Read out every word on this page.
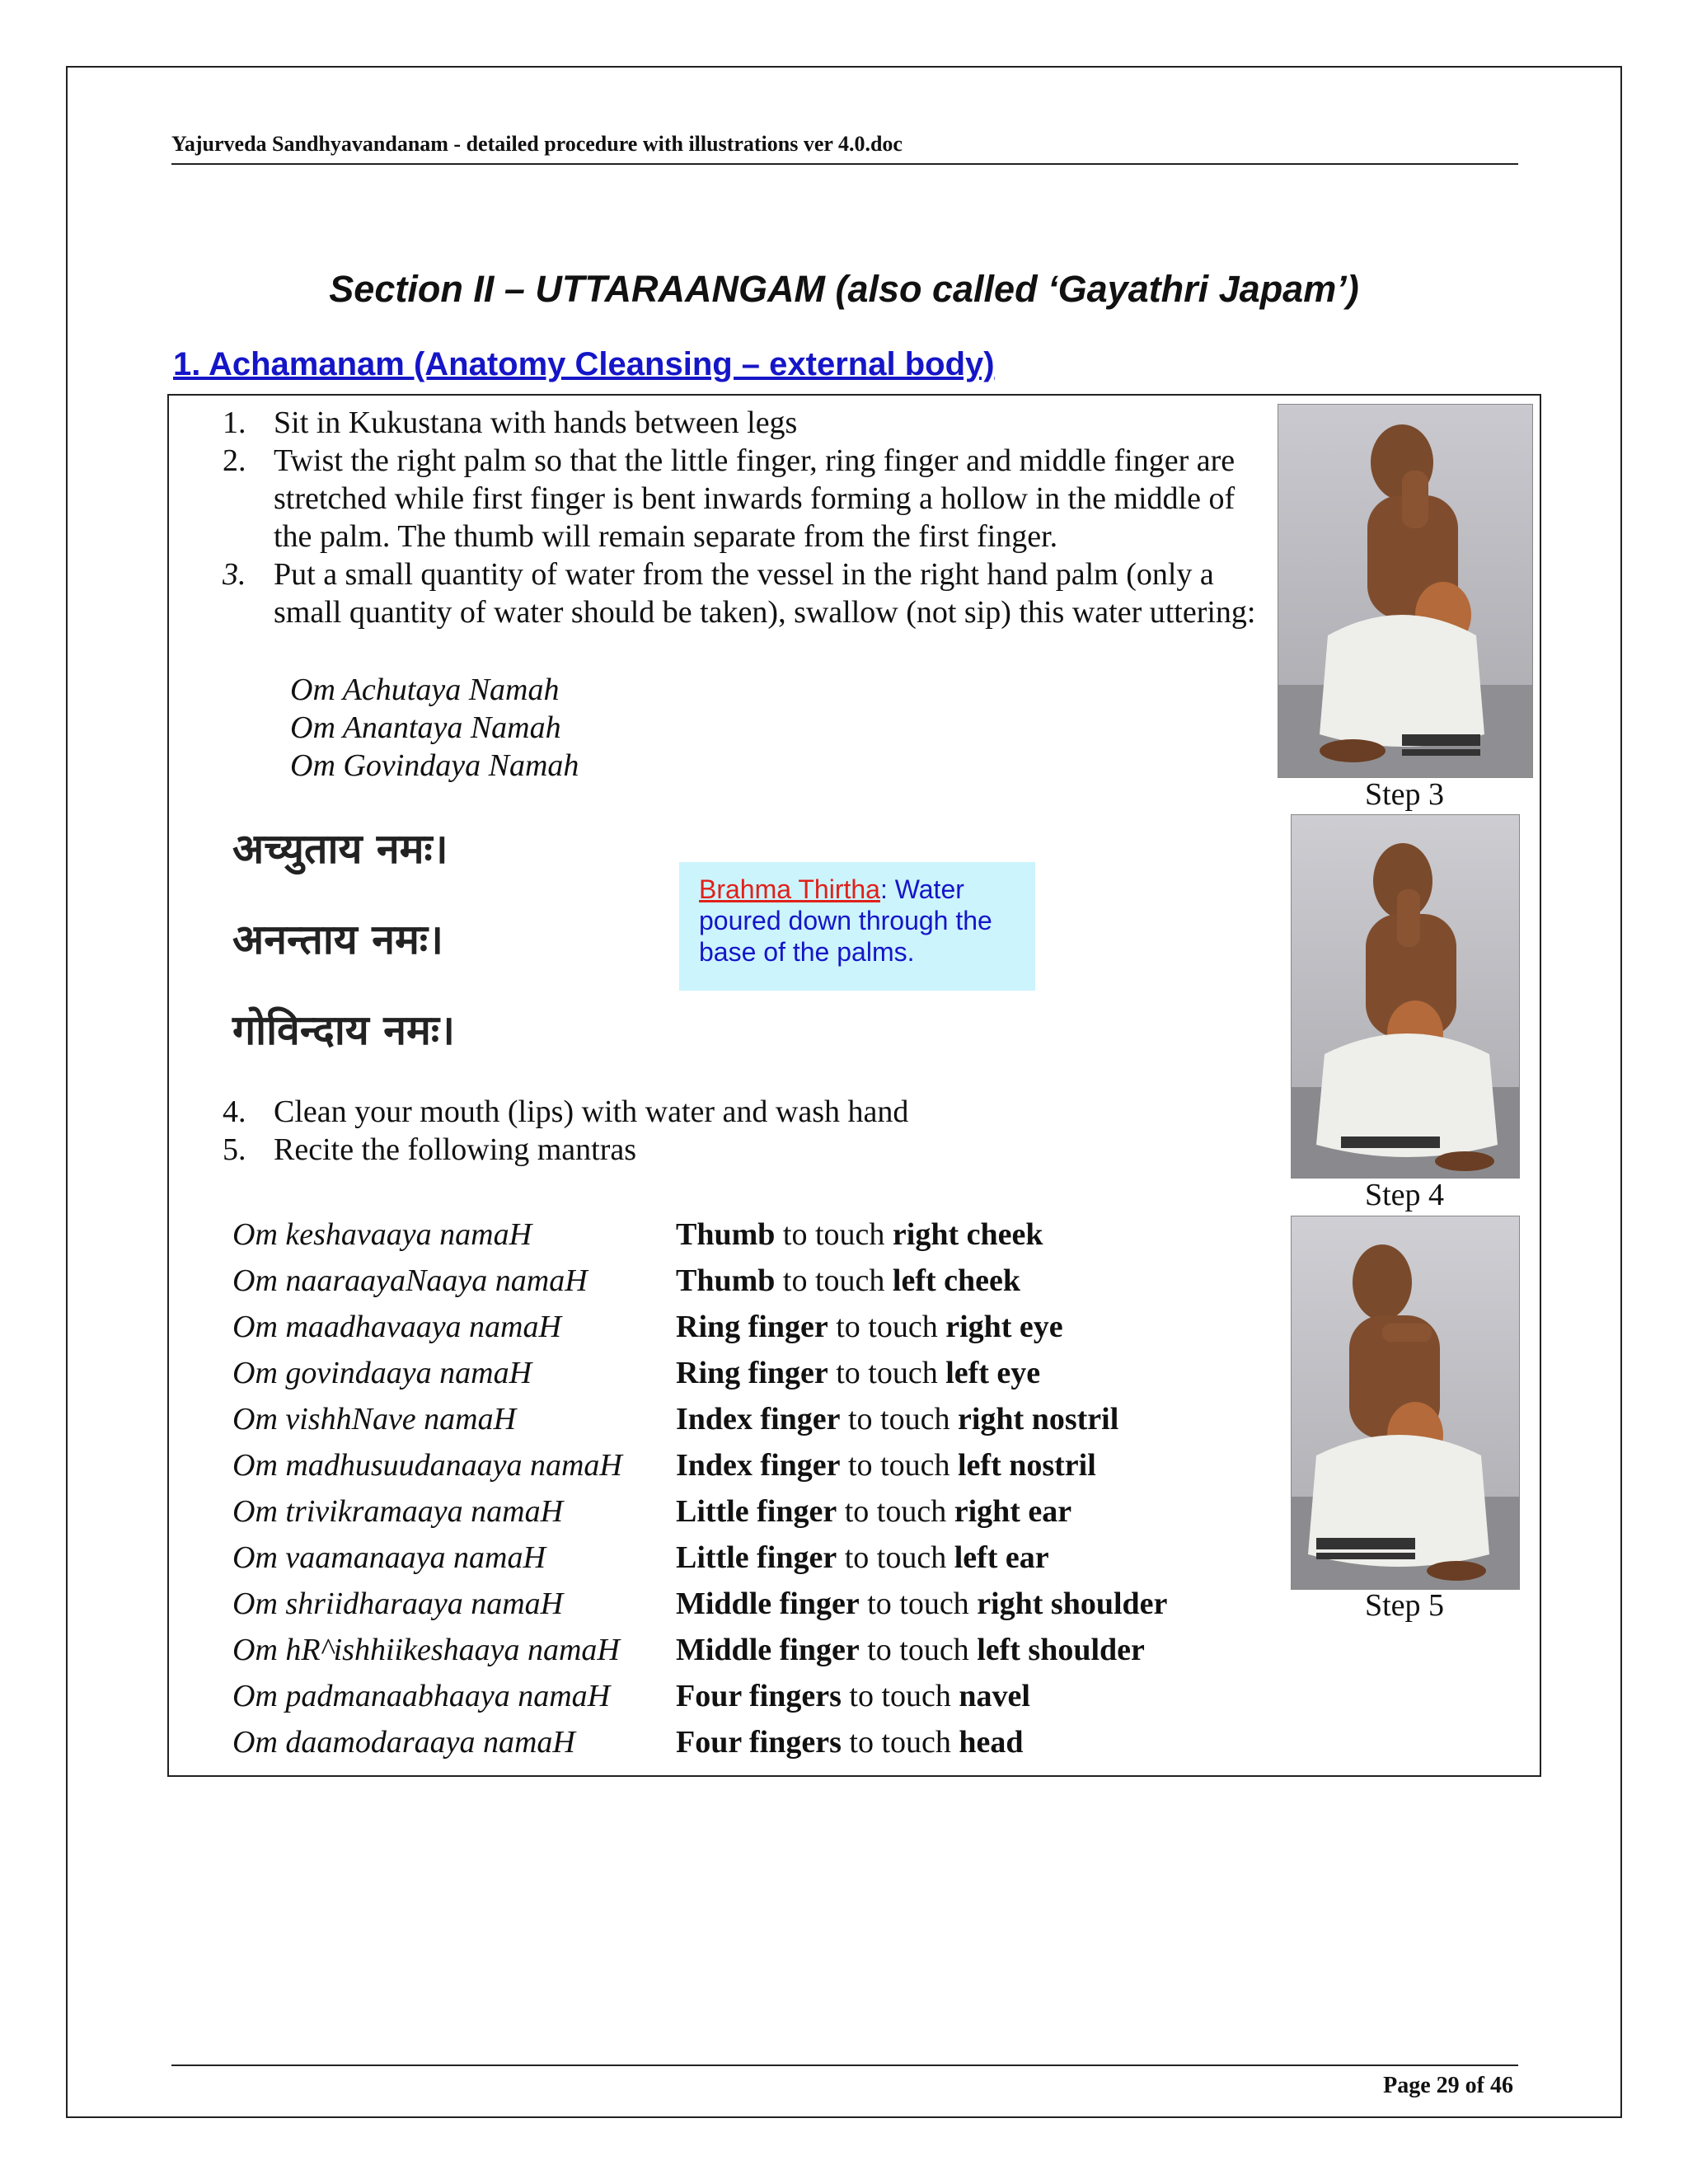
Yajurveda Sandhyavandanam - detailed procedure with illustrations ver 4.0.doc
Section II – UTTARAANGAM (also called ‘Gayathri Japam’)
1. Achamanam (Anatomy Cleansing – external body)
1. Sit in Kukustana with hands between legs
2. Twist the right palm so that the little finger, ring finger and middle finger are stretched while first finger is bent inwards forming a hollow in the middle of the palm. The thumb will remain separate from the first finger.
3. Put a small quantity of water from the vessel in the right hand palm (only a small quantity of water should be taken), swallow (not sip) this water uttering:
Om Achutaya Namah
Om Anantaya Namah
Om Govindaya Namah
अच्युताय नमः।
अनन्ताय नमः।
गोविन्दाय नमः।
Brahma Thirtha: Water poured down through the base of the palms.
4. Clean your mouth (lips) with water and wash hand
5. Recite the following mantras
Om keshavaaya namaH	Thumb to touch right cheek
Om naaraayaNaaya namaH	Thumb to touch left cheek
Om maadhavaaya namaH	Ring finger to touch right eye
Om govindaaya namaH	Ring finger to touch left eye
Om vishhNave namaH	Index finger to touch right nostril
Om madhusuudanaaya namaH	Index finger to touch left nostril
Om trivikramaaya namaH	Little finger to touch right ear
Om vaamanaaya namaH	Little finger to touch left ear
Om shriidharaaya namaH	Middle finger to touch right shoulder
Om hR^ishhiikeshaaya namaH	Middle finger to touch left shoulder
Om padmanaabhaaya namaH	Four fingers to touch navel
Om daamodaraaya namaH	Four fingers to touch head
Step 3
Step 4
Step 5
Page 29 of 46
